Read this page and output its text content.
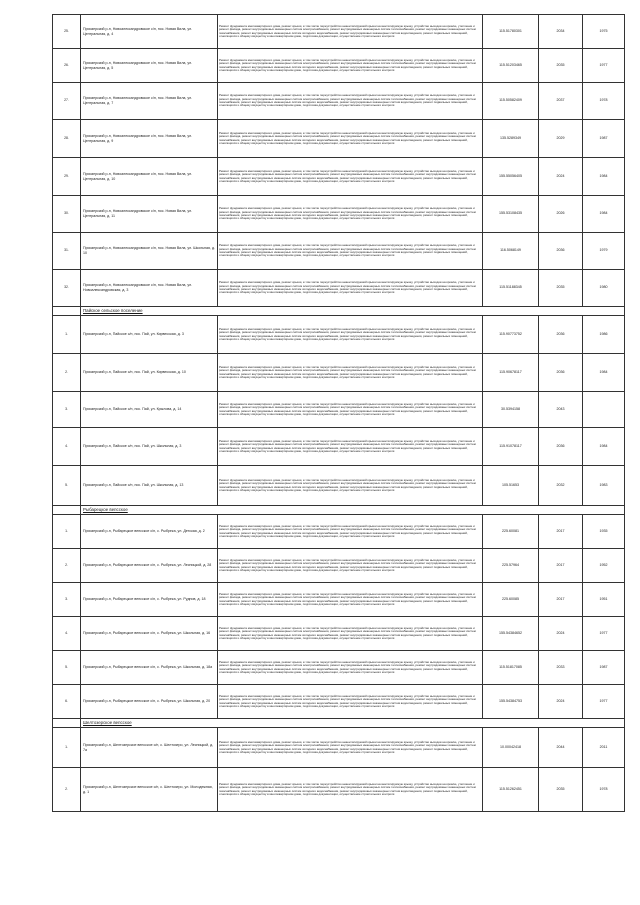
25.	Приозерский р-н, Новоалександровское с/п, пос. Новая Вила, ул. Центральная, д. 4	Ремонт фундамента многоквартирного дома, ремонт крыши, в том числе переустройство невентилируемой крыши на вентилируемую крышу, устройство выходов на кровлю, утепление и ремонт фасада, ремонт внутридомовых инженерных систем электроснабжения, ремонт внутридомовых инженерных систем теплоснабжения, ремонт внутридомовых инженерных систем газоснабжения, ремонт внутридомовых инженерных систем холодного водоснабжения, ремонт внутридомовых инженерных систем водоотведения, ремонт подвальных помещений, относящихся к общему имуществу в многоквартирном доме, подготовка документации, осуществление строительного контроля	115.51780301	2034	1975
26.	Приозерский р-н, Новоалександровское с/п, пос. Новая Вила, ул. Центральная, д. 5	Ремонт фундамента многоквартирного дома, ремонт крыши, в том числе переустройство невентилируемой крыши на вентилируемую крышу, устройство выходов на кровлю, утепление и ремонт фасада, ремонт внутридомовых инженерных систем электроснабжения, ремонт внутридомовых инженерных систем теплоснабжения, ремонт внутридомовых инженерных систем газоснабжения, ремонт внутридомовых инженерных систем холодного водоснабжения, ремонт внутридомовых инженерных систем водоотведения, ремонт подвальных помещений, относящихся к общему имуществу в многоквартирном доме, подготовка документации, осуществление строительного контроля	115.51203465	2035	1977
27.	Приозерский р-н, Новоалександровское с/п, пос. Новая Вила, ул. Центральная, д. 7	Ремонт фундамента многоквартирного дома, ремонт крыши, в том числе переустройство невентилируемой крыши на вентилируемую крышу, устройство выходов на кровлю, утепление и ремонт фасада, ремонт внутридомовых инженерных систем электроснабжения, ремонт внутридомовых инженерных систем теплоснабжения, ремонт внутридомовых инженерных систем газоснабжения, ремонт внутридомовых инженерных систем холодного водоснабжения, ремонт внутридомовых инженерных систем водоотведения, ремонт подвальных помещений, относящихся к общему имуществу в многоквартирном доме, подготовка документации, осуществление строительного контроля	115.50582409	2037	1978
28.	Приозерский р-н, Новоалександровское с/п, пос. Новая Вила, ул. Центральная, д. 9	Ремонт фундамента многоквартирного дома, ремонт крыши, в том числе переустройство невентилируемой крыши на вентилируемую крышу, устройство выходов на кровлю, утепление и ремонт фасада, ремонт внутридомовых инженерных систем электроснабжения, ремонт внутридомовых инженерных систем теплоснабжения, ремонт внутридомовых инженерных систем газоснабжения, ремонт внутридомовых инженерных систем холодного водоснабжения, ремонт внутридомовых инженерных систем водоотведения, ремонт подвальных помещений, относящихся к общему имуществу в многоквартирном доме, подготовка документации, осуществление строительного контроля	135.5289349	2029	1987
29.	Приозерский р-н, Новоалександровское с/п, пос. Новая Вила, ул. Центральная, д. 10	Ремонт фундамента многоквартирного дома, ремонт крыши, в том числе переустройство невентилируемой крыши на вентилируемую крышу, устройство выходов на кровлю, утепление и ремонт фасада, ремонт внутридомовых инженерных систем электроснабжения, ремонт внутридомовых инженерных систем теплоснабжения, ремонт внутридомовых инженерных систем газоснабжения, ремонт внутридомовых инженерных систем холодного водоснабжения, ремонт внутридомовых инженерных систем водоотведения, ремонт подвальных помещений, относящихся к общему имуществу в многоквартирном доме, подготовка документации, осуществление строительного контроля	155.55056405	2024	1984
30.	Приозерский р-н, Новоалександровское с/п, пос. Новая Вила, ул. Центральная, д. 11	Ремонт фундамента многоквартирного дома, ремонт крыши, в том числе переустройство невентилируемой крыши на вентилируемую крышу, устройство выходов на кровлю, утепление и ремонт фасада, ремонт внутридомовых инженерных систем электроснабжения, ремонт внутридомовых инженерных систем теплоснабжения, ремонт внутридомовых инженерных систем газоснабжения, ремонт внутридомовых инженерных систем холодного водоснабжения, ремонт внутридомовых инженерных систем водоотведения, ремонт подвальных помещений, относящихся к общему имуществу в многоквартирном доме, подготовка документации, осуществление строительного контроля	155.53108435	2026	1984
31.	Приозерский р-н, Новоалександровское с/п, пос. Новая Вила, ул. Школьная, д. 10	Ремонт фундамента многоквартирного дома, ремонт крыши, в том числе переустройство невентилируемой крыши на вентилируемую крышу, устройство выходов на кровлю, утепление и ремонт фасада, ремонт внутридомовых инженерных систем электроснабжения, ремонт внутридомовых инженерных систем теплоснабжения, ремонт внутридомовых инженерных систем газоснабжения, ремонт внутридомовых инженерных систем холодного водоснабжения, ремонт внутридомовых инженерных систем водоотведения, ремонт подвальных помещений, относящихся к общему имуществу в многоквартирном доме, подготовка документации, осуществление строительного контроля	116.5068149	2036	1979
32.	Приозерский р-н, Новоалександровское с/п, пос. Новая Вила, ул. Новоалександровская, д. 3	Ремонт фундамента многоквартирного дома, ремонт крыши, в том числе переустройство невентилируемой крыши на вентилируемую крышу, устройство выходов на кровлю, утепление и ремонт фасада, ремонт внутридомовых инженерных систем электроснабжения, ремонт внутридомовых инженерных систем теплоснабжения, ремонт внутридомовых инженерных систем газоснабжения, ремонт внутридомовых инженерных систем холодного водоснабжения, ремонт внутридомовых инженерных систем водоотведения, ремонт подвальных помещений, относящихся к общему имуществу в многоквартирном доме, подготовка документации, осуществление строительного контроля	115.51188345	2035	1980
	Пайское сельское поселение				
1.	Приозерский р-н, Пайское с/п, пос. Пай, ул. Кирвесская, д. 3	Ремонт фундамента многоквартирного дома, ремонт крыши, в том числе переустройство невентилируемой крыши на вентилируемую крышу, устройство выходов на кровлю, утепление и ремонт фасада, ремонт внутридомовых инженерных систем электроснабжения, ремонт внутридомовых инженерных систем теплоснабжения, ремонт внутридомовых инженерных систем газоснабжения, ремонт внутридомовых инженерных систем холодного водоснабжения, ремонт внутридомовых инженерных систем водоотведения, ремонт подвальных помещений, относящихся к общему имуществу в многоквартирном доме, подготовка документации, осуществление строительного контроля	115.90773752	2036	1986
2.	Приозерский р-н, Пайское с/п, пос. Пай, ул. Кирвесская, д. 10	Ремонт фундамента многоквартирного дома, ремонт крыши, в том числе переустройство невентилируемой крыши на вентилируемую крышу, устройство выходов на кровлю, утепление и ремонт фасада, ремонт внутридомовых инженерных систем электроснабжения, ремонт внутридомовых инженерных систем теплоснабжения, ремонт внутридомовых инженерных систем газоснабжения, ремонт внутридомовых инженерных систем холодного водоснабжения, ремонт внутридомовых инженерных систем водоотведения, ремонт подвальных помещений, относящихся к общему имуществу в многоквартирном доме, подготовка документации, осуществление строительного контроля	115.90678117	2036	1984
3.	Приозерский р-н, Пайское с/п, пос. Пай, ул. Крылова, д. 14	Ремонт фундамента многоквартирного дома, ремонт крыши, в том числе переустройство невентилируемой крыши на вентилируемую крышу, устройство выходов на кровлю, утепление и ремонт фасада, ремонт внутридомовых инженерных систем электроснабжения, ремонт внутридомовых инженерных систем теплоснабжения, ремонт внутридомовых инженерных систем газоснабжения, ремонт внутридомовых инженерных систем холодного водоснабжения, ремонт внутридомовых инженерных систем водоотведения, ремонт подвальных помещений, относящихся к общему имуществу в многоквартирном доме, подготовка документации, осуществление строительного контроля	30.5394158	2043	
4.	Приозерский р-н, Пайское с/п, пос. Пай, ул. Школьная, д. 3	Ремонт фундамента многоквартирного дома, ремонт крыши, в том числе переустройство невентилируемой крыши на вентилируемую крышу, устройство выходов на кровлю, утепление и ремонт фасада, ремонт внутридомовых инженерных систем электроснабжения, ремонт внутридомовых инженерных систем теплоснабжения, ремонт внутридомовых инженерных систем газоснабжения, ремонт внутридомовых инженерных систем холодного водоснабжения, ремонт внутридомовых инженерных систем водоотведения, ремонт подвальных помещений, относящихся к общему имуществу в многоквартирном доме, подготовка документации, осуществление строительного контроля	115.91078117	2036	1984
5.	Приозерский р-н, Пайское с/п, пос. Пай, ул. Школьная, д. 13	Ремонт фундамента многоквартирного дома, ремонт крыши, в том числе переустройство невентилируемой крыши на вентилируемую крышу, устройство выходов на кровлю, утепление и ремонт фасада, ремонт внутридомовых инженерных систем электроснабжения, ремонт внутридомовых инженерных систем теплоснабжения, ремонт внутридомовых инженерных систем газоснабжения, ремонт внутридомовых инженерных систем холодного водоснабжения, ремонт внутридомовых инженерных систем водоотведения, ремонт подвальных помещений, относящихся к общему имуществу в многоквартирном доме, подготовка документации, осуществление строительного контроля	105.51653	2032	1983
	Рыбарецкое вепсское				
1.	Приозерский р-н, Рыбарецкое вепсское с/п, с. Рыбрека, ул. Детская, д. 2	Ремонт фундамента многоквартирного дома, ремонт крыши, в том числе переустройство невентилируемой крыши на вентилируемую крышу, устройство выходов на кровлю, утепление и ремонт фасада, ремонт внутридомовых инженерных систем электроснабжения, ремонт внутридомовых инженерных систем теплоснабжения, ремонт внутридомовых инженерных систем газоснабжения, ремонт внутридомовых инженерных систем холодного водоснабжения, ремонт внутридомовых инженерных систем водоотведения, ремонт подвальных помещений, относящихся к общему имуществу в многоквартирном доме, подготовка документации, осуществление строительного контроля	225.60081	2017	1935
2.	Приозерский р-н, Рыбарецкое вепсское с/п, с. Рыбрека, ул. Лесницкой, д. 28	Ремонт фундамента многоквартирного дома, ремонт крыши, в том числе переустройство невентилируемой крыши на вентилируемую крышу, устройство выходов на кровлю, утепление и ремонт фасада, ремонт внутридомовых инженерных систем электроснабжения, ремонт внутридомовых инженерных систем теплоснабжения, ремонт внутридомовых инженерных систем газоснабжения, ремонт внутридомовых инженерных систем холодного водоснабжения, ремонт внутридомовых инженерных систем водоотведения, ремонт подвальных помещений, относящихся к общему имуществу в многоквартирном доме, подготовка документации, осуществление строительного контроля	225.57964	2017	1952
3.	Приозерский р-н, Рыбарецкое вепсское с/п, с. Рыбрека, ул. Руднов, д. 18	Ремонт фундамента многоквартирного дома, ремонт крыши, в том числе переустройство невентилируемой крыши на вентилируемую крышу, устройство выходов на кровлю, утепление и ремонт фасада, ремонт внутридомовых инженерных систем электроснабжения, ремонт внутридомовых инженерных систем теплоснабжения, ремонт внутридомовых инженерных систем газоснабжения, ремонт внутридомовых инженерных систем холодного водоснабжения, ремонт внутридомовых инженерных систем водоотведения, ремонт подвальных помещений, относящихся к общему имуществу в многоквартирном доме, подготовка документации, осуществление строительного контроля	225.60085	2017	1951
4.	Приозерский р-н, Рыбарецкое вепсское с/п, с. Рыбрека, ул. Школьная, д. 16	Ремонт фундамента многоквартирного дома, ремонт крыши, в том числе переустройство невентилируемой крыши на вентилируемую крышу, устройство выходов на кровлю, утепление и ремонт фасада, ремонт внутридомовых инженерных систем электроснабжения, ремонт внутридомовых инженерных систем теплоснабжения, ремонт внутридомовых инженерных систем газоснабжения, ремонт внутридомовых инженерных систем холодного водоснабжения, ремонт внутридомовых инженерных систем водоотведения, ремонт подвальных помещений, относящихся к общему имуществу в многоквартирном доме, подготовка документации, осуществление строительного контроля	155.54384652	2024	1977
5.	Приозерский р-н, Рыбарецкое вепсское с/п, с. Рыбрека, ул. Школьная, д. 18а	Ремонт фундамента многоквартирного дома, ремонт крыши, в том числе переустройство невентилируемой крыши на вентилируемую крышу, устройство выходов на кровлю, утепление и ремонт фасада, ремонт внутридомовых инженерных систем электроснабжения, ремонт внутридомовых инженерных систем теплоснабжения, ремонт внутридомовых инженерных систем газоснабжения, ремонт внутридомовых инженерных систем холодного водоснабжения, ремонт внутридомовых инженерных систем водоотведения, ремонт подвальных помещений, относящихся к общему имуществу в многоквартирном доме, подготовка документации, осуществление строительного контроля	115.51817085	2033	1987
6.	Приозерский р-н, Рыбарецкое вепсское с/п, с. Рыбрека, ул. Школьная, д. 20	Ремонт фундамента многоквартирного дома, ремонт крыши, в том числе переустройство невентилируемой крыши на вентилируемую крышу, устройство выходов на кровлю, утепление и ремонт фасада, ремонт внутридомовых инженерных систем электроснабжения, ремонт внутридомовых инженерных систем теплоснабжения, ремонт внутридомовых инженерных систем газоснабжения, ремонт внутридомовых инженерных систем холодного водоснабжения, ремонт внутридомовых инженерных систем водоотведения, ремонт подвальных помещений, относящихся к общему имуществу в многоквартирном доме, подготовка документации, осуществление строительного контроля	155.54384753	2024	1977
	Шелтозерское вепсское				
1.	Приозерский р-н, Шелтозерское вепсское с/п, с. Шелтозеро, ул. Лесницкой, д. 7а	Ремонт фундамента многоквартирного дома, ремонт крыши, в том числе переустройство невентилируемой крыши на вентилируемую крышу, устройство выходов на кровлю, утепление и ремонт фасада, ремонт внутридомовых инженерных систем электроснабжения, ремонт внутридомовых инженерных систем теплоснабжения, ремонт внутридомовых инженерных систем газоснабжения, ремонт внутридомовых инженерных систем холодного водоснабжения, ремонт внутридомовых инженерных систем водоотведения, ремонт подвальных помещений, относящихся к общему имуществу в многоквартирном доме, подготовка документации, осуществление строительного контроля	10.00042418	2044	2011
2.	Приозерский р-н, Шелтозерское вепсское с/п, с. Шелтозеро, ул. Молодежная, д. 1	Ремонт фундамента многоквартирного дома, ремонт крыши, в том числе переустройство невентилируемой крыши на вентилируемую крышу, устройство выходов на кровлю, утепление и ремонт фасада, ремонт внутридомовых инженерных систем электроснабжения, ремонт внутридомовых инженерных систем теплоснабжения, ремонт внутридомовых инженерных систем газоснабжения, ремонт внутридомовых инженерных систем холодного водоснабжения, ремонт внутридомовых инженерных систем водоотведения, ремонт подвальных помещений, относящихся к общему имуществу в многоквартирном доме, подготовка документации, осуществление строительного контроля	115.51262451	2035	1978
